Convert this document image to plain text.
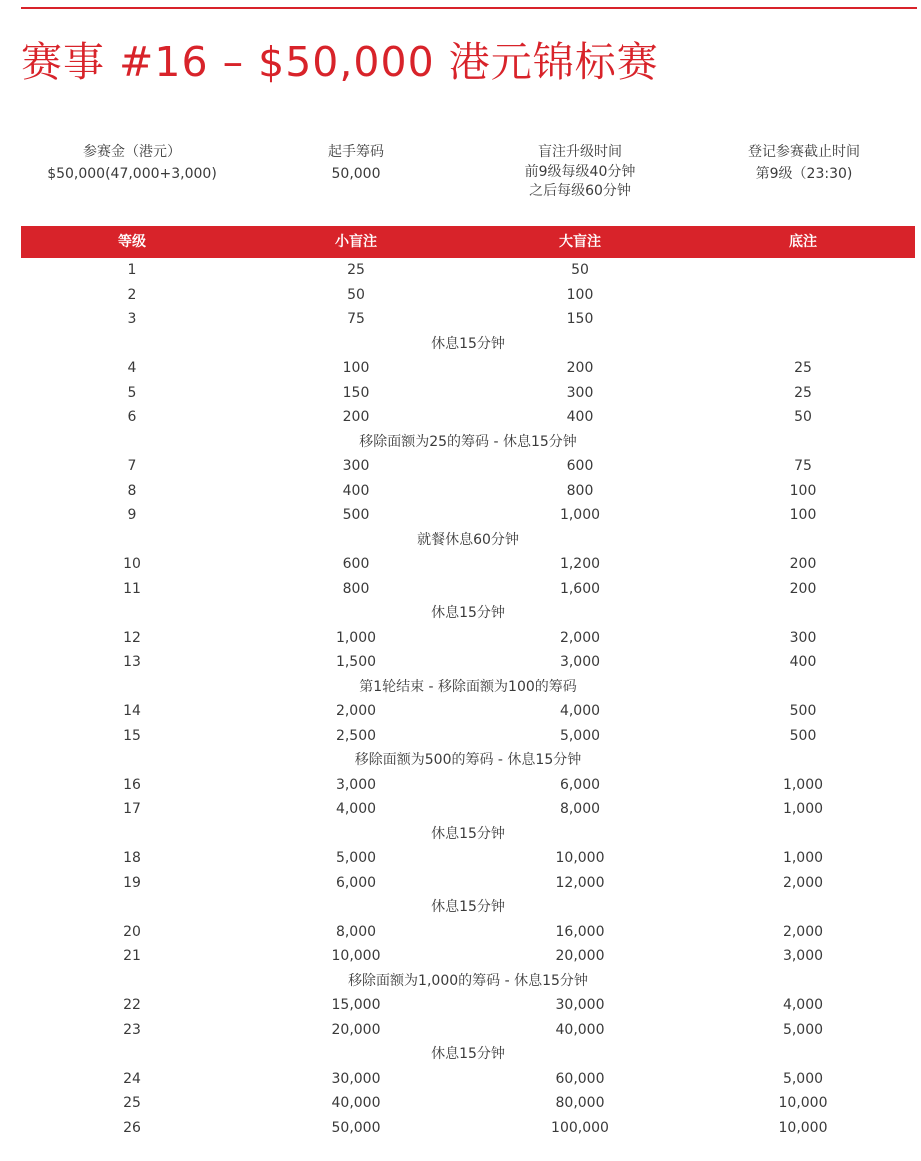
赛事 #16 – $50,000 港元锦标赛
参赛金（港元）
$50,000(47,000+3,000)
起手筹码
50,000
盲注升级时间
前9级每级40分钟
之后每级60分钟
登记参赛截止时间
第9级（23:30)
等级	小盲注	大盲注	底注
1	25	50
2	50	100
3	75	150
休息15分钟
4	100	200	25
5	150	300	25
6	200	400	50
移除面额为25的筹码 - 休息15分钟
7	300	600	75
8	400	800	100
9	500	1,000	100
就餐休息60分钟
10	600	1,200	200
11	800	1,600	200
休息15分钟
12	1,000	2,000	300
13	1,500	3,000	400
第1轮结束 - 移除面额为100的筹码
14	2,000	4,000	500
15	2,500	5,000	500
移除面额为500的筹码 - 休息15分钟
16	3,000	6,000	1,000
17	4,000	8,000	1,000
休息15分钟
18	5,000	10,000	1,000
19	6,000	12,000	2,000
休息15分钟
20	8,000	16,000	2,000
21	10,000	20,000	3,000
移除面额为1,000的筹码 - 休息15分钟
22	15,000	30,000	4,000
23	20,000	40,000	5,000
休息15分钟
24	30,000	60,000	5,000
25	40,000	80,000	10,000
26	50,000	100,000	10,000
